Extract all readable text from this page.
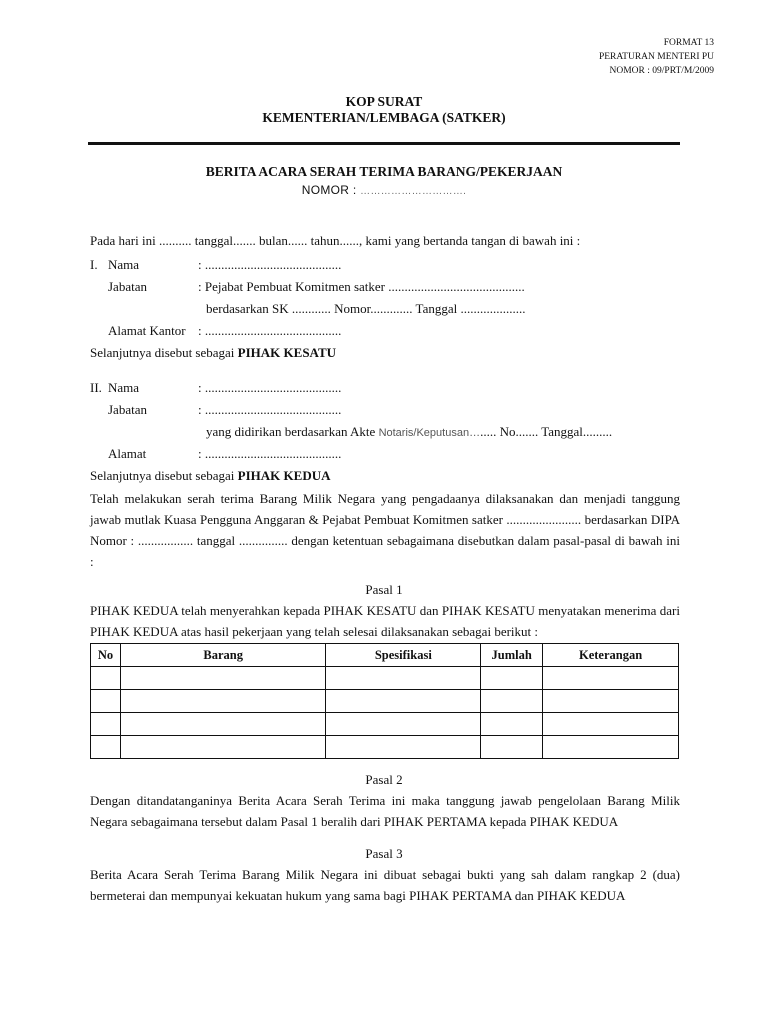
FORMAT 13
PERATURAN MENTERI PU
NOMOR : 09/PRT/M/2009
KOP SURAT
KEMENTERIAN/LEMBAGA (SATKER)
BERITA ACARA SERAH TERIMA BARANG/PEKERJAAN
NOMOR : ………………………….
Pada hari ini .......... tanggal....... bulan...... tahun......, kami yang bertanda tangan di bawah ini :
I. Nama	: ..........................................
Jabatan	: Pejabat Pembuat Komitmen satker ..........................................
berdasarkan SK ............ Nomor............. Tanggal ....................
Alamat Kantor : ..........................................
Selanjutnya disebut sebagai PIHAK KESATU
II. Nama	: ..........................................
Jabatan	: ..........................................
yang didirikan berdasarkan Akte Notaris/Keputusan…..... No....... Tanggal.........
Alamat	: ..........................................
Selanjutnya disebut sebagai PIHAK KEDUA
Telah melakukan serah terima Barang Milik Negara yang pengadaanya dilaksanakan dan menjadi tanggung jawab mutlak Kuasa Pengguna Anggaran & Pejabat Pembuat Komitmen satker ....................... berdasarkan DIPA Nomor : ................. tanggal ............... dengan ketentuan sebagaimana disebutkan dalam pasal-pasal di bawah ini :
Pasal 1
PIHAK KEDUA telah menyerahkan kepada PIHAK KESATU dan PIHAK KESATU menyatakan menerima dari PIHAK KEDUA atas hasil pekerjaan yang telah selesai dilaksanakan sebagai berikut :
No	Barang	Spesifikasi	Jumlah	Keterangan

Pasal 2
Dengan ditandatanganinya Berita Acara Serah Terima ini maka tanggung jawab pengelolaan Barang Milik Negara sebagaimana tersebut dalam Pasal 1 beralih dari PIHAK PERTAMA kepada PIHAK KEDUA
Pasal 3
Berita Acara Serah Terima Barang Milik Negara ini dibuat sebagai bukti yang sah dalam rangkap 2 (dua) bermeterai dan mempunyai kekuatan hukum yang sama bagi PIHAK PERTAMA dan PIHAK KEDUA
